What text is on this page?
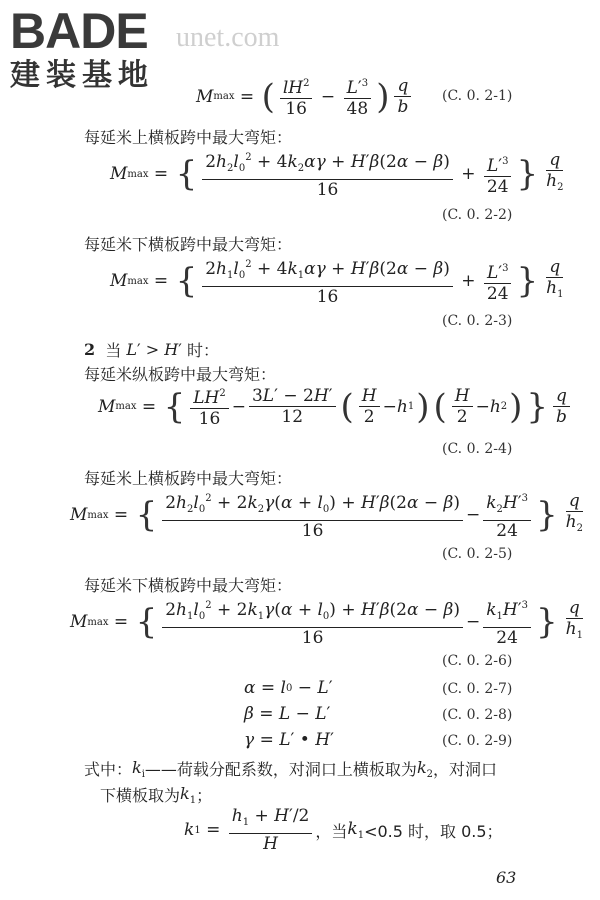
BADE
建装基地
unet.com
M max = ( $\frac{lH^2}{16} - \frac{L'^3}{48}$ ) $\frac{q}{b} (C$. 0. 2-1)
每延米上横板跨中最大弯矩：
M max = { $\frac{2h_2l_0^2 + 4k_2\alpha\gamma + H'\beta(2\alpha - \beta)}{16} + \frac{L'^3}{24}$ } $\frac{q}{h_2}$
(C. 0. 2-2)
每延米下横板跨中最大弯矩：
M max = { $\frac{2h_1l_0^2 + 4k_1\alpha\gamma + H'\beta(2\alpha - \beta)}{16} + \frac{L'^3}{24}$ } $\frac{q}{h_1}$
(C. 0. 2-3)
2
当 L′ > H′ 时：
每延米纵板跨中最大弯矩：
M max = { $\frac{LH^2}{16} - \frac{3L' - 2H'}{12}$ ( $\frac{H}{2} - h$ 1 ) ( $\frac{H}{2} - h$ 2 ) } $\frac{q}{b}$
(C. 0. 2-4)
每延米上横板跨中最大弯矩：
M max = { $\frac{2h_2l_0^2 + 2k_2\gamma(\alpha + l_0) + H'\beta(2\alpha - \beta)}{16} - \frac{k_2H'^3}{24}$ } $\frac{q}{h_2}$
(C. 0. 2-5)
每延米下横板跨中最大弯矩：
M max = { $\frac{2h_1l_0^2 + 2k_1\gamma(\alpha + l_0) + H'\beta(2\alpha - \beta)}{16} - \frac{k_1H'^3}{24}$ } $\frac{q}{h_1}$
(C. 0. 2-6)
α = l 0 − L ′	(C. 0. 2-7)
β = L − L ′	(C. 0. 2-8)
γ = L ′ • H ′	(C. 0. 2-9)
式中： $k_i$ ——荷载分配系数，对洞口上横板取为 $k_2$ ，对洞口
下横板取为 $k_1$ ；
k $1 = \frac{h_1 + H'/2}{H}$ ，当 $k_1 <0.5$ 时，取 0.5；
63
